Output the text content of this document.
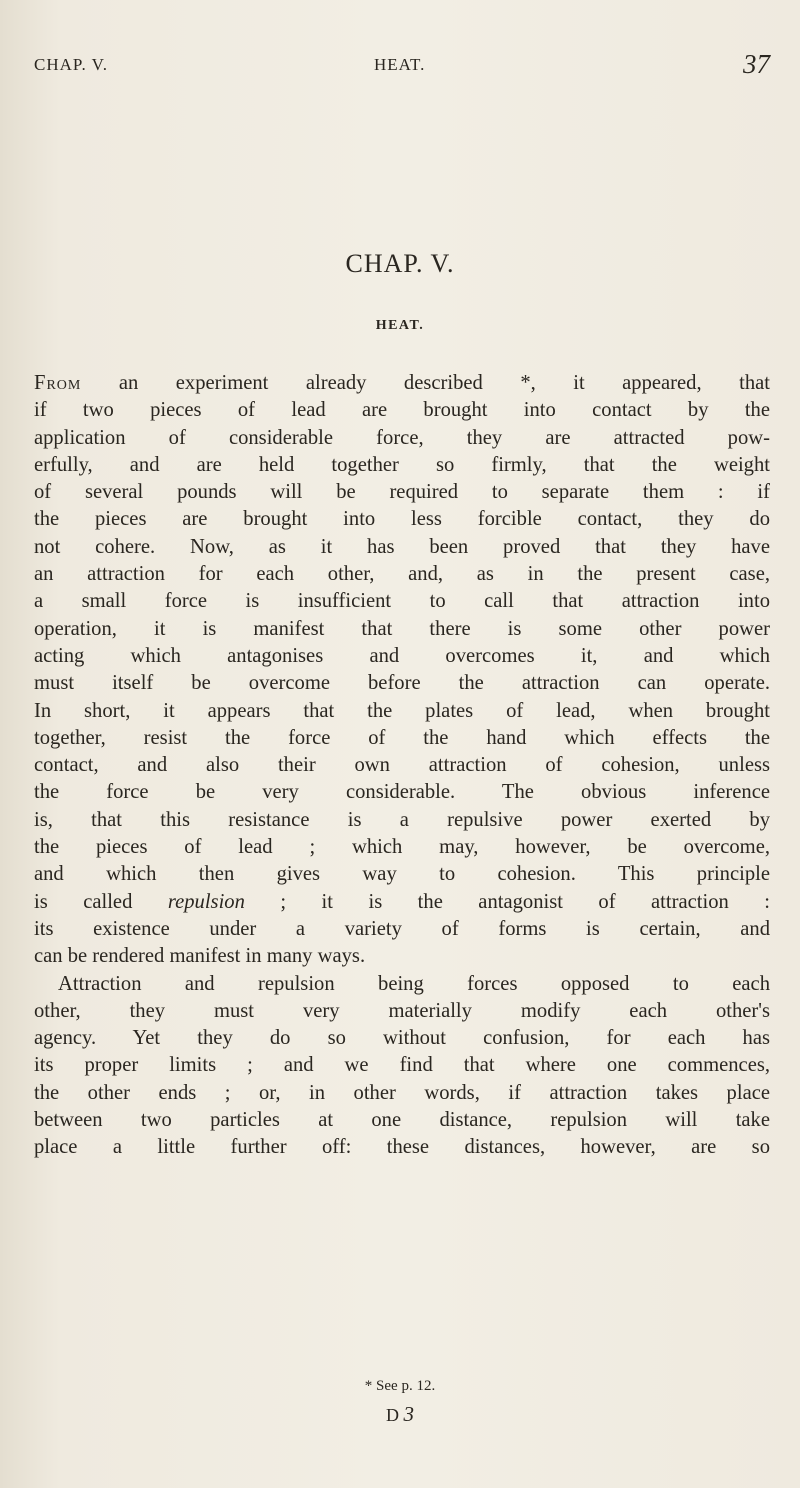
CHAP. V.	HEAT.	37
CHAP. V.
HEAT.
From an experiment already described *, it appeared, that
if two pieces of lead are brought into contact by the
application of considerable force, they are attracted pow-
erfully, and are held together so firmly, that the weight
of several pounds will be required to separate them : if
the pieces are brought into less forcible contact, they do
not cohere. Now, as it has been proved that they have
an attraction for each other, and, as in the present case,
a small force is insufficient to call that attraction into
operation, it is manifest that there is some other power
acting which antagonises and overcomes it, and which
must itself be overcome before the attraction can operate.
In short, it appears that the plates of lead, when brought
together, resist the force of the hand which effects the
contact, and also their own attraction of cohesion, unless
the force be very considerable. The obvious inference
is, that this resistance is a repulsive power exerted by
the pieces of lead ; which may, however, be overcome,
and which then gives way to cohesion. This principle
is called repulsion ; it is the antagonist of attraction :
its existence under a variety of forms is certain, and
can be rendered manifest in many ways.
Attraction and repulsion being forces opposed to each
other, they must very materially modify each other's
agency. Yet they do so without confusion, for each has
its proper limits ; and we find that where one commences,
the other ends ; or, in other words, if attraction takes place
between two particles at one distance, repulsion will take
place a little further off: these distances, however, are so
* See p. 12.
D 3
